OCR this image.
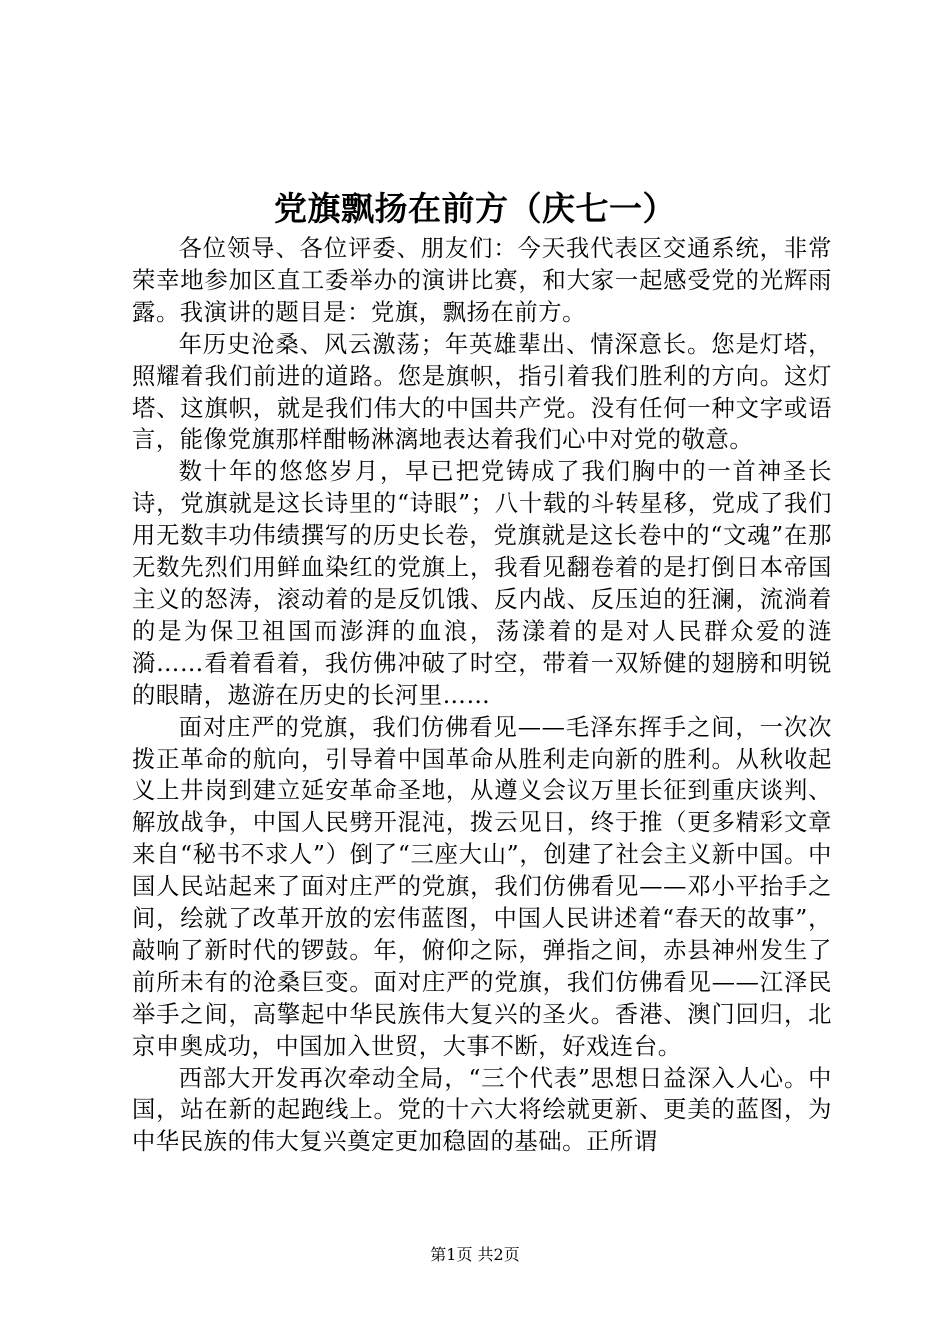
党旗飘扬在前方（庆七一）

各位领导、各位评委、朋友们：今天我代表区交通系统，非常荣幸地参加区直工委举办的演讲比赛，和大家一起感受党的光辉雨露。我演讲的题目是：党旗，飘扬在前方。

年历史沧桑、风云激荡；年英雄辈出、情深意长。您是灯塔，照耀着我们前进的道路。您是旗帜，指引着我们胜利的方向。这灯塔、这旗帜，就是我们伟大的中国共产党。没有任何一种文字或语言，能像党旗那样酣畅淋漓地表达着我们心中对党的敬意。

数十年的悠悠岁月，早已把党铸成了我们胸中的一首神圣长诗，党旗就是这长诗里的“诗眼”；八十载的斗转星移，党成了我们用无数丰功伟绩撰写的历史长卷，党旗就是这长卷中的“文魂”在那无数先烈们用鲜血染红的党旗上，我看见翻卷着的是打倒日本帝国主义的怒涛，滚动着的是反饥饿、反内战、反压迫的狂澜，流淌着的是为保卫祖国而澎湃的血浪，荡漾着的是对人民群众爱的涟漪……看着看着，我仿佛冲破了时空，带着一双矫健的翅膀和明锐的眼睛，遨游在历史的长河里……

面对庄严的党旗，我们仿佛看见——毛泽东挥手之间，一次次拨正革命的航向，引导着中国革命从胜利走向新的胜利。从秋收起义上井岗到建立延安革命圣地，从遵义会议万里长征到重庆谈判、解放战争，中国人民劈开混沌，拨云见日，终于推（更多精彩文章来自“秘书不求人”）倒了“三座大山”，创建了社会主义新中国。中国人民站起来了面对庄严的党旗，我们仿佛看见——邓小平抬手之间，绘就了改革开放的宏伟蓝图，中国人民讲述着“春天的故事”，敲响了新时代的锣鼓。年，俯仰之际，弹指之间，赤县神州发生了前所未有的沧桑巨变。面对庄严的党旗，我们仿佛看见——江泽民举手之间，高擎起中华民族伟大复兴的圣火。香港、澳门回归，北京申奥成功，中国加入世贸，大事不断，好戏连台。

西部大开发再次牵动全局，“三个代表”思想日益深入人心。中国，站在新的起跑线上。党的十六大将绘就更新、更美的蓝图，为中华民族的伟大复兴奠定更加稳固的基础。正所谓

第1页 共2页
